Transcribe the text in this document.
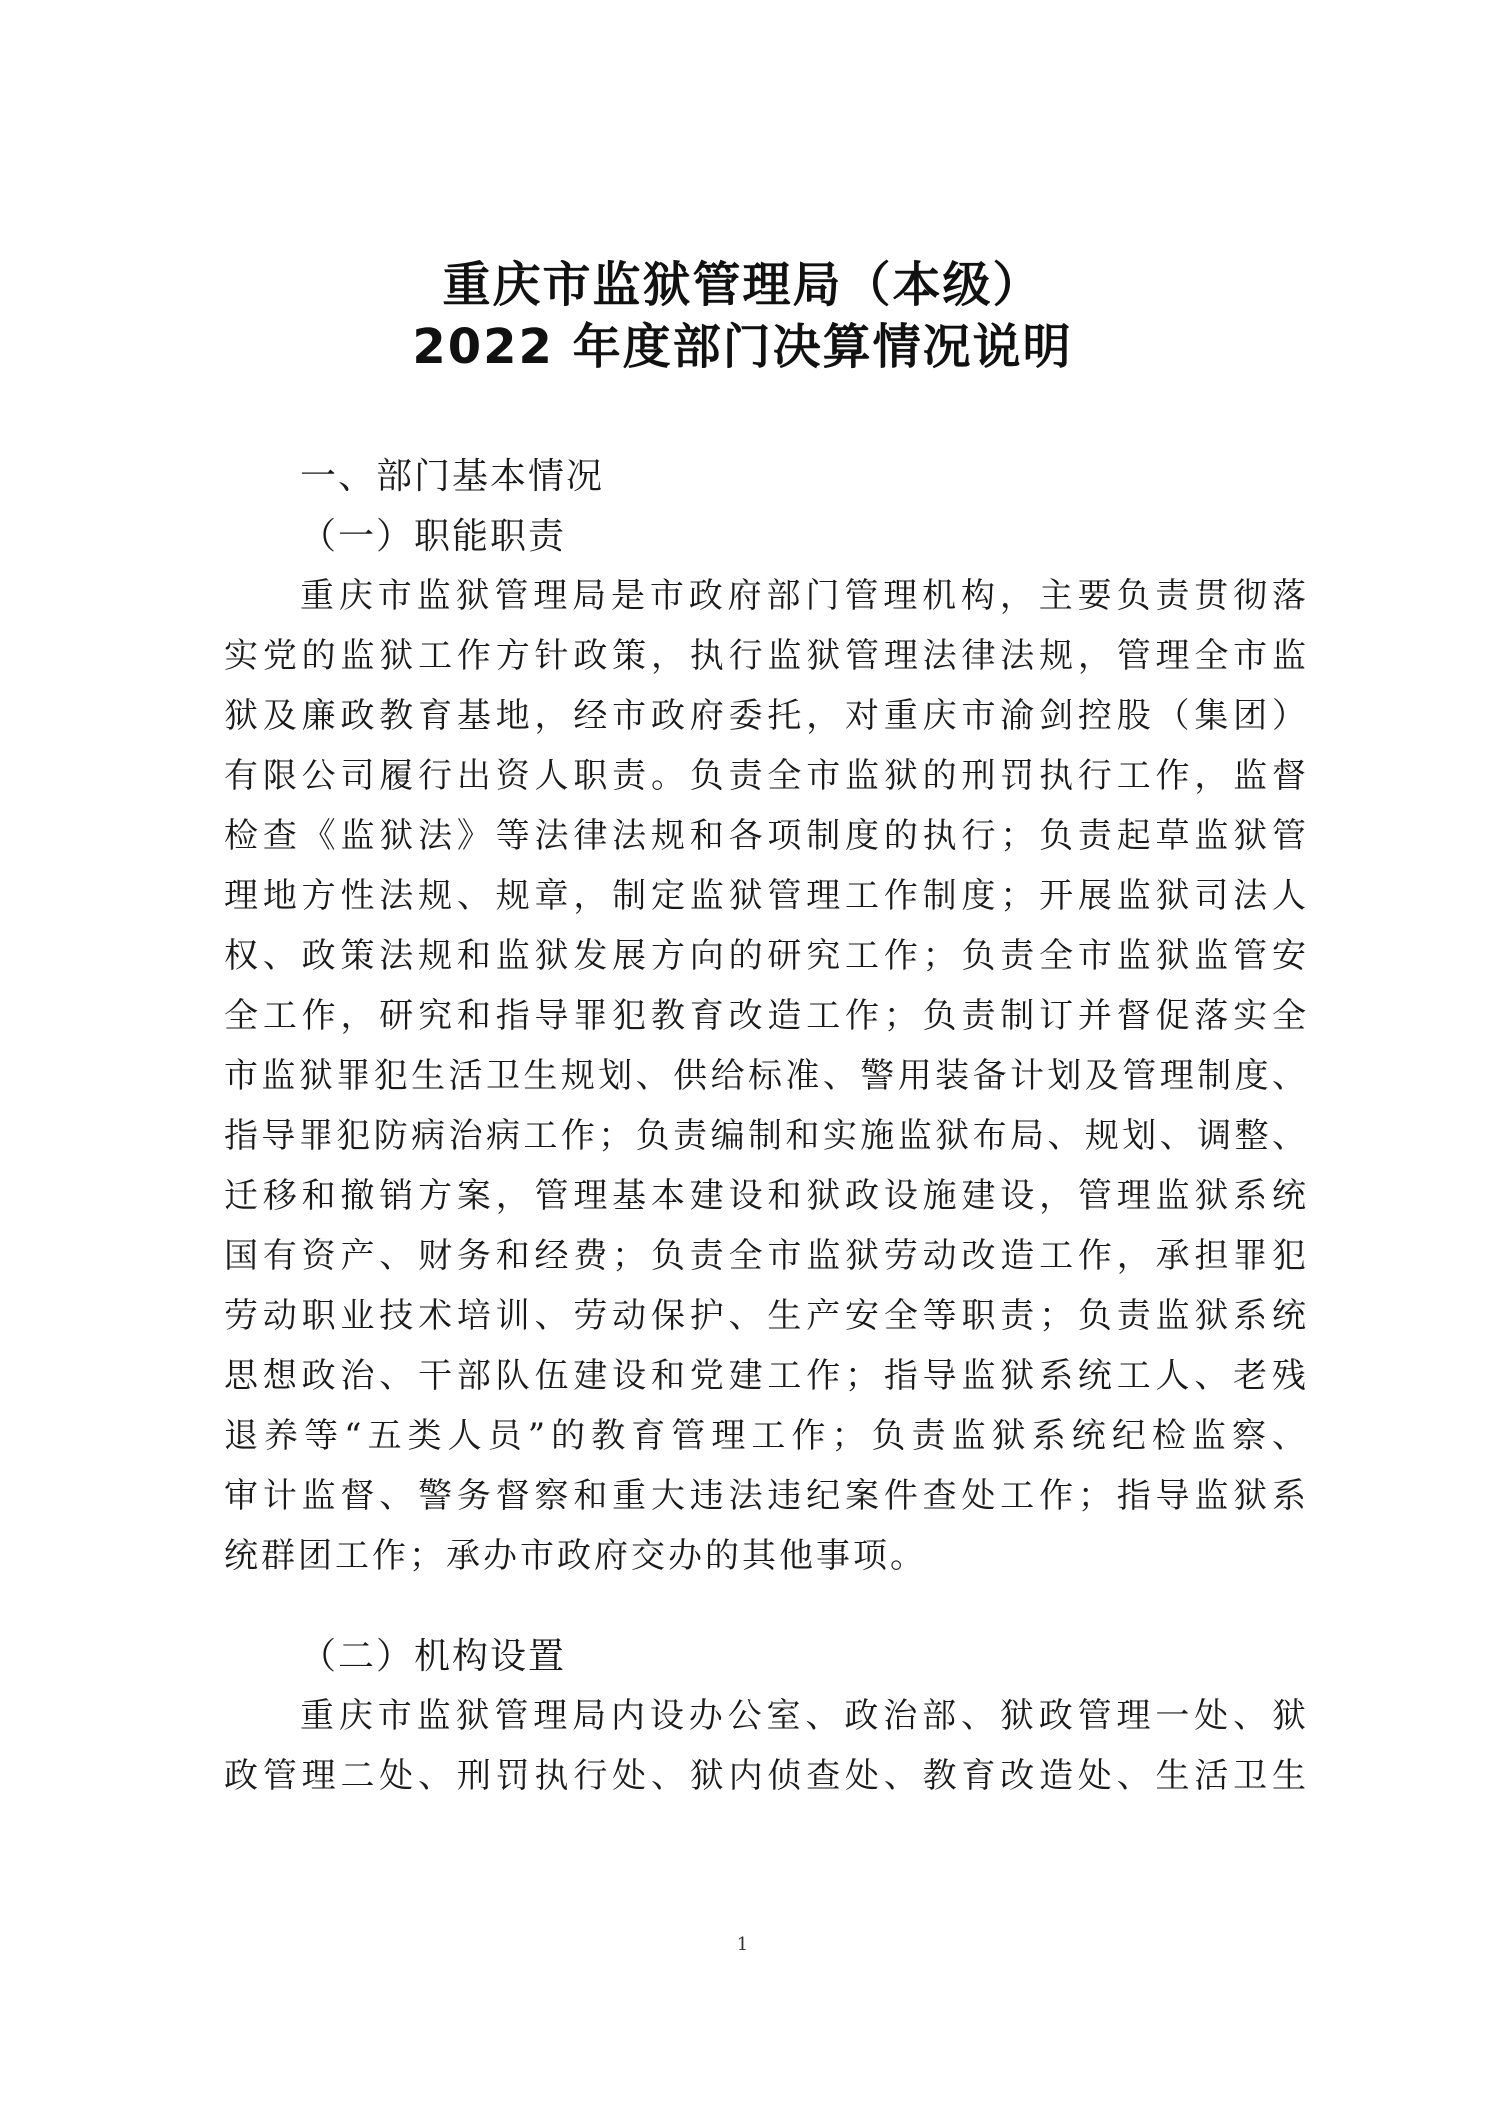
重庆市监狱管理局（本级）
2022 年度部门决算情况说明
一、部门基本情况
（一）职能职责
重庆市监狱管理局是市政府部门管理机构，主要负责贯彻落
实党的监狱工作方针政策，执行监狱管理法律法规，管理全市监
狱及廉政教育基地，经市政府委托，对重庆市渝剑控股（集团）
有限公司履行出资人职责。负责全市监狱的刑罚执行工作，监督
检查《监狱法》等法律法规和各项制度的执行；负责起草监狱管
理地方性法规、规章，制定监狱管理工作制度；开展监狱司法人
权、政策法规和监狱发展方向的研究工作；负责全市监狱监管安
全工作，研究和指导罪犯教育改造工作；负责制订并督促落实全
市监狱罪犯生活卫生规划、供给标准、警用装备计划及管理制度、
指导罪犯防病治病工作；负责编制和实施监狱布局、规划、调整、
迁移和撤销方案，管理基本建设和狱政设施建设，管理监狱系统
国有资产、财务和经费；负责全市监狱劳动改造工作，承担罪犯
劳动职业技术培训、劳动保护、生产安全等职责；负责监狱系统
思想政治、干部队伍建设和党建工作；指导监狱系统工人、老残
退养等“五类人员”的教育管理工作；负责监狱系统纪检监察、
审计监督、警务督察和重大违法违纪案件查处工作；指导监狱系
统群团工作；承办市政府交办的其他事项。
（二）机构设置
重庆市监狱管理局内设办公室、政治部、狱政管理一处、狱
政管理二处、刑罚执行处、狱内侦查处、教育改造处、生活卫生
1
